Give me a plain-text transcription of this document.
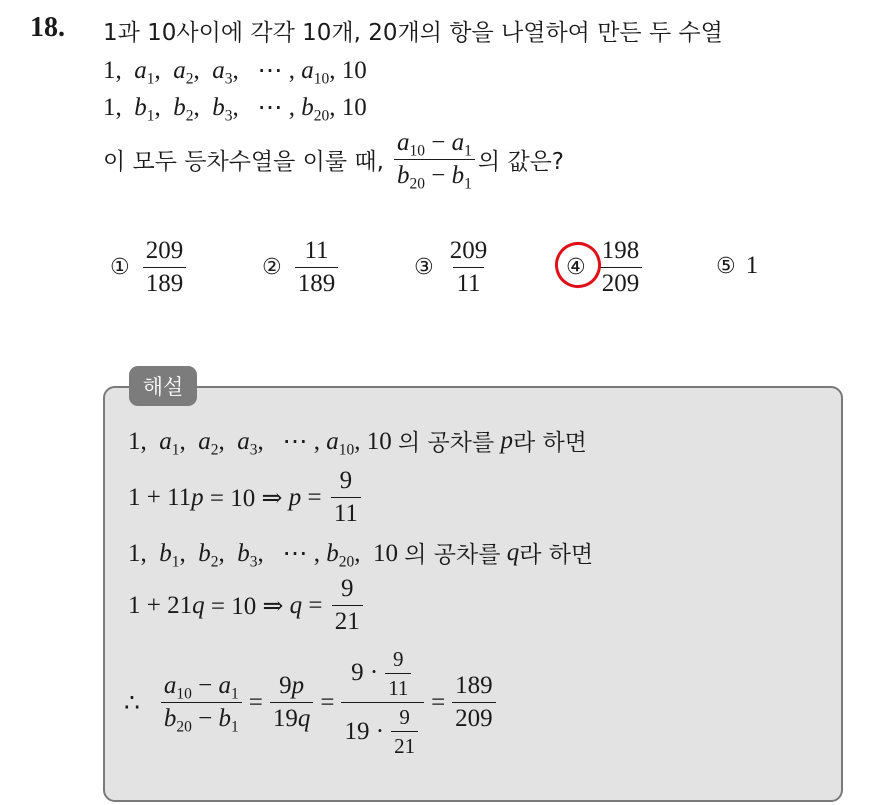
18. 1과 10사이에 각각 10개, 20개의 항을 나열하여 만든 두 수열
1, $a_1$,  $a_2$,  $a_3$,   ⋯ , $a_{10}$, 10
1, $b_1$,  $b_2$,  $b_3$,   ⋯ , $b_{20}$, 10
이 모두 등차수열을 이룰 때, $\frac{a_{10} - a_1}{b_{20} - b_1}$ 의 값은?
① $\frac{209}{189}$	② $\frac{11}{189}$	③ $\frac{209}{11}$	④ $\frac{198}{209}$	⑤ 1
해설
1,  $a_1$,  $a_2$,  $a_3$,   ⋯ , $a_{10}$, 10 의 공차를
p 라 하면
1 + 11 p = 10 ⇒ $p = \frac{9}{11}$
1,  $b_1$,  $b_2$,  $b_3$,   ⋯ , $b_{20}$,  10 의 공차를
q 라 하면
1 + 21 q = 10 ⇒ $q = \frac{9}{21}$
∴ $\frac{a_{10} - a_1}{b_{20} - b_1} = \frac{9p}{19q} = \frac{9 \cdot \frac{9}{11}}{19 \cdot \frac{9}{21}} = \frac{189}{209}$
